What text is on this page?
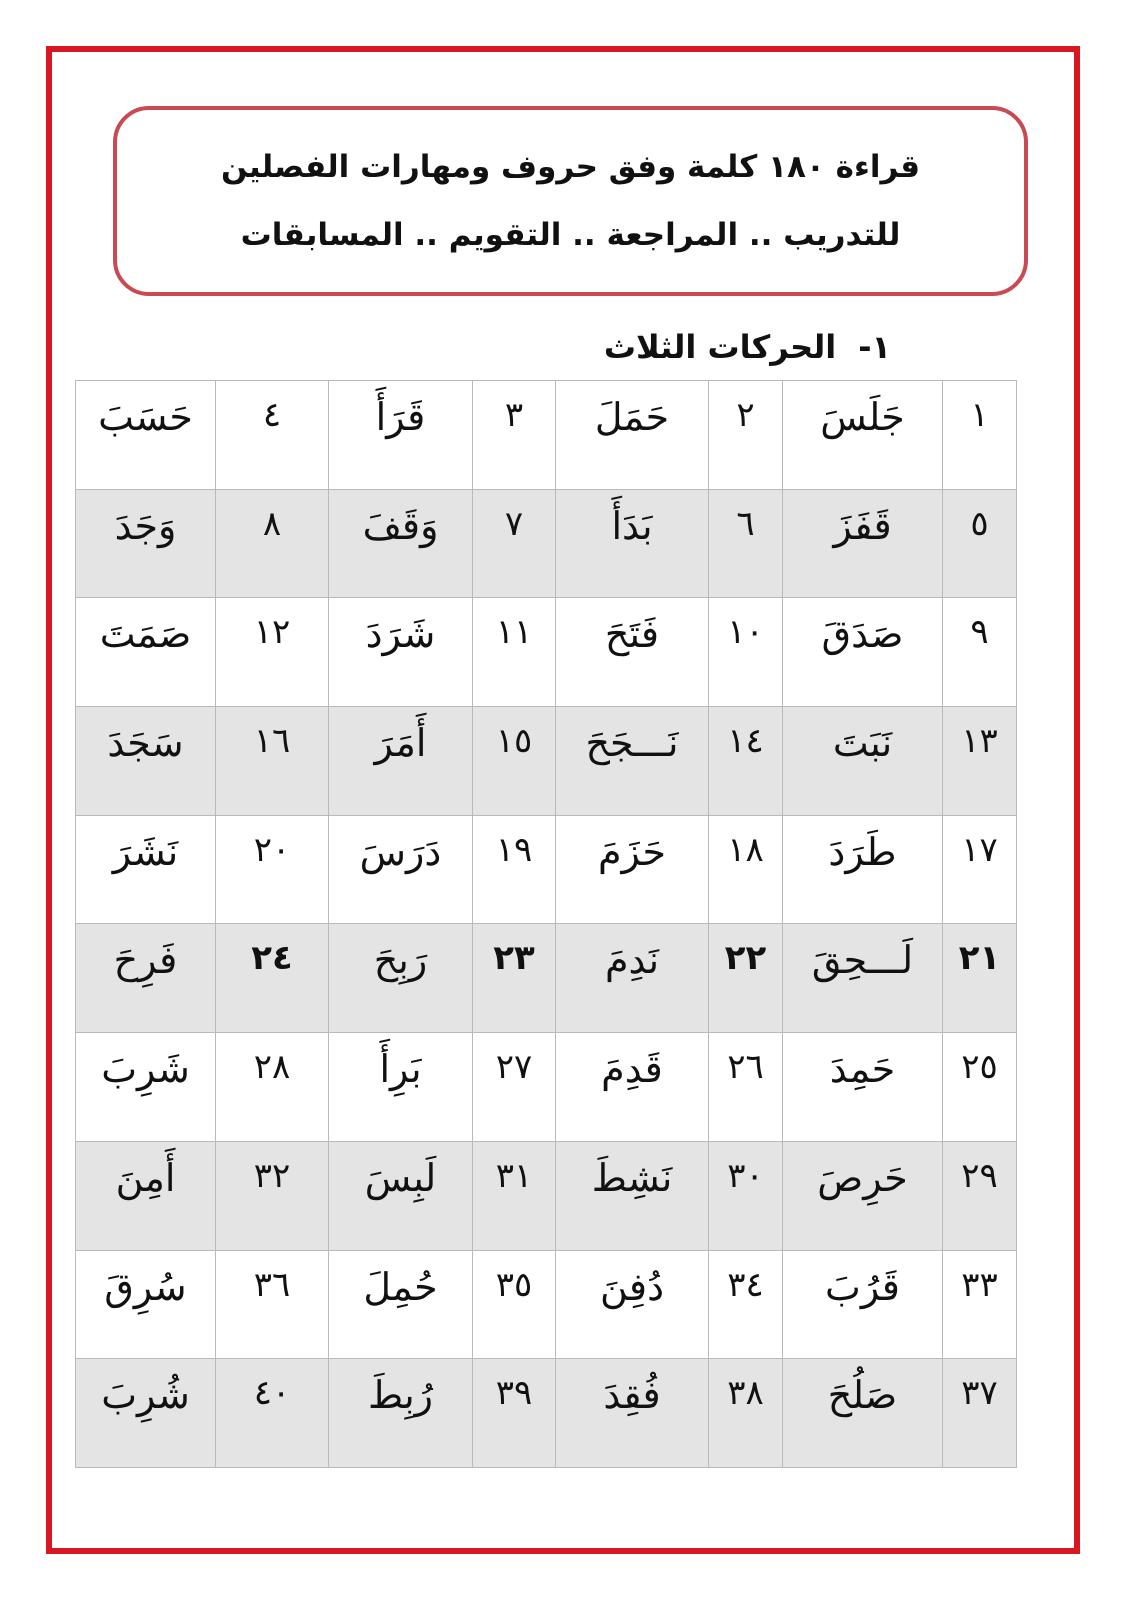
قراءة ١٨٠ كلمة وفق حروف ومهارات الفصلين
للتدريب .. المراجعة .. التقويم .. المسابقات
١-الحركات الثلاث
١	جَلَسَ	٢	حَمَلَ	٣	قَرَأَ	٤	حَسَبَ
٥	قَفَزَ	٦	بَدَأَ	٧	وَقَفَ	٨	وَجَدَ
٩	صَدَقَ	١٠	فَتَحَ	١١	شَرَدَ	١٢	صَمَتَ
١٣	نَبَتَ	١٤	نَـــجَحَ	١٥	أَمَرَ	١٦	سَجَدَ
١٧	طَرَدَ	١٨	حَزَمَ	١٩	دَرَسَ	٢٠	نَشَرَ
٢١	لَـــحِقَ	٢٢	نَدِمَ	٢٣	رَبِحَ	٢٤	فَرِحَ
٢٥	حَمِدَ	٢٦	قَدِمَ	٢٧	بَرِأَ	٢٨	شَرِبَ
٢٩	حَرِصَ	٣٠	نَشِطَ	٣١	لَبِسَ	٣٢	أَمِنَ
٣٣	قَرُبَ	٣٤	دُفِنَ	٣٥	حُمِلَ	٣٦	سُرِقَ
٣٧	صَلُحَ	٣٨	فُقِدَ	٣٩	رُبِطَ	٤٠	شُرِبَ
